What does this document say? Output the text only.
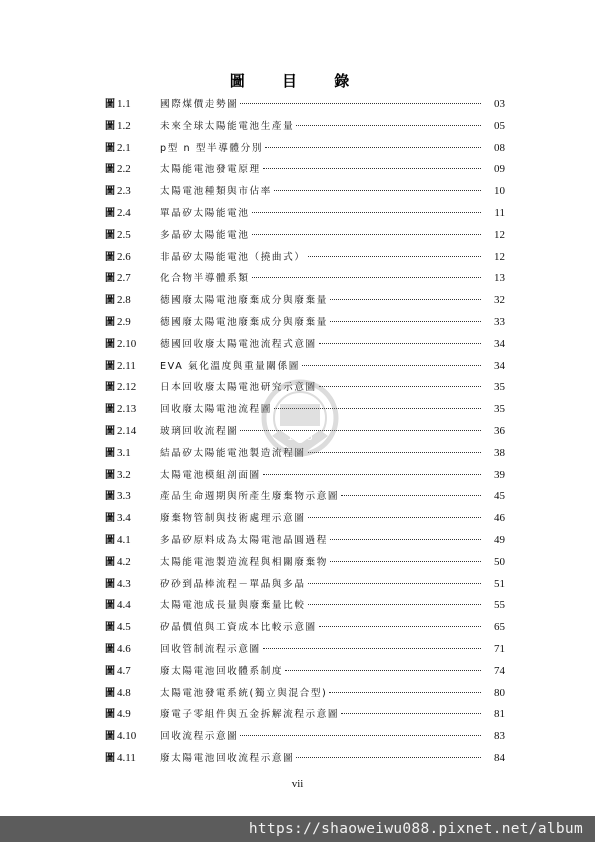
圖 目 錄
圖 1.1	國際煤價走勢圖	03
圖 1.2	未來全球太陽能電池生產量	05
圖 2.1	p型 n 型半導體分別	08
圖 2.2	太陽能電池發電原理	09
圖 2.3	太陽電池種類與市佔率	10
圖 2.4	單晶矽太陽能電池	11
圖 2.5	多晶矽太陽能電池	12
圖 2.6	非晶矽太陽能電池（撓曲式）	12
圖 2.7	化合物半導體系類	13
圖 2.8	德國廢太陽電池廢棄成分與廢棄量	32
圖 2.9	德國廢太陽電池廢棄成分與廢棄量	33
圖 2.10	德國回收廢太陽電池流程式意圖	34
圖 2.11	EVA 氣化溫度與重量關係圖	34
圖 2.12	日本回收廢太陽電池研究示意圖	35
圖 2.13	回收廢太陽電池流程圖	35
圖 2.14	玻璃回收流程圖	36
圖 3.1	結晶矽太陽能電池製造流程圖	38
圖 3.2	太陽電池模組剖面圖	39
圖 3.3	產品生命週期與所產生廢棄物示意圖	45
圖 3.4	廢棄物管制與技術處理示意圖	46
圖 4.1	多晶矽原料成為太陽電池晶圓過程	49
圖 4.2	太陽能電池製造流程與相關廢棄物	50
圖 4.3	矽砂到晶棒流程－單晶與多晶	51
圖 4.4	太陽電池成長量與廢棄量比較	55
圖 4.5	矽晶價值與工資成本比較示意圖	65
圖 4.6	回收管制流程示意圖	71
圖 4.7	廢太陽電池回收體系制度	74
圖 4.8	太陽電池發電系統(獨立與混合型)	80
圖 4.9	廢電子零組件與五金拆解流程示意圖	81
圖 4.10	回收流程示意圖	83
圖 4.11	廢太陽電池回收流程示意圖	84
1896
vii
https://shaoweiwu088.pixnet.net/album
